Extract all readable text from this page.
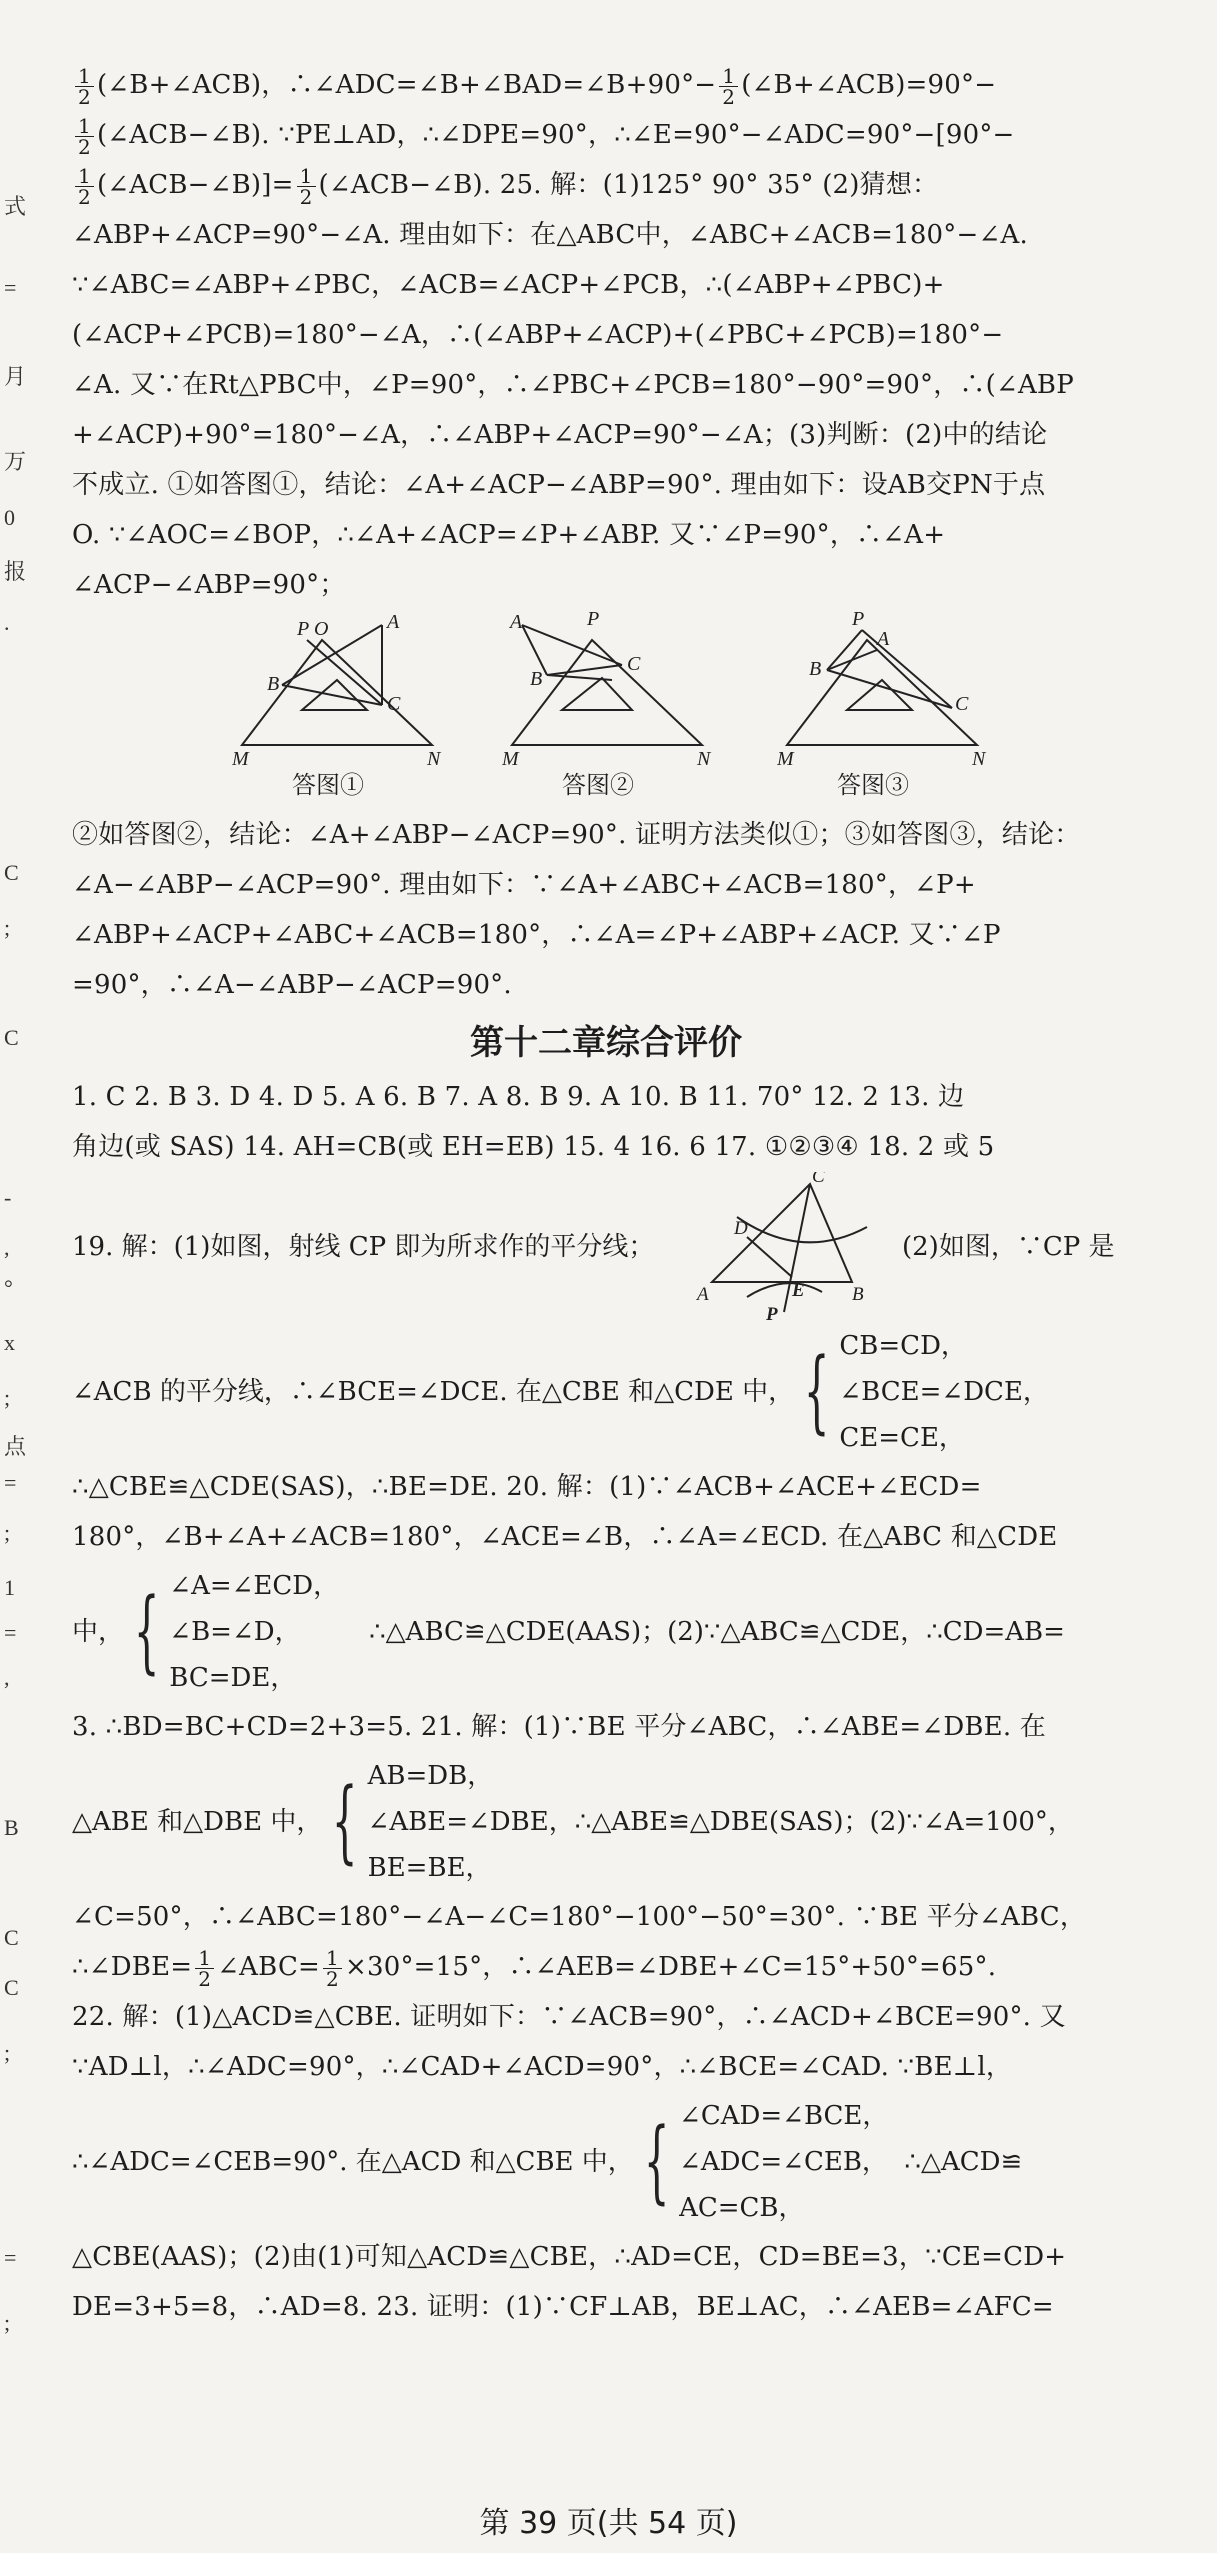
式
=
月
万
0
报
.
C
;
C
-
,
°
x
;
点
=
;
1
=
,
B
C
C
;
=
;
$\frac{1}{2}$ (∠B+∠ACB)，∴∠ADC=∠B+∠BAD=∠B+90°− $\frac{1}{2}$ (∠B+∠ACB)=90°−
$\frac{1}{2}$ (∠ACB−∠B). ∵PE⊥AD，∴∠DPE=90°，∴∠E=90°−∠ADC=90°−[90°−
$\frac{1}{2}$ (∠ACB−∠B)]= $\frac{1}{2}$ (∠ACB−∠B). 25. 解：(1)125° 90° 35° (2)猜想：
∠ABP+∠ACP=90°−∠A. 理由如下：在△ABC中，∠ABC+∠ACB=180°−∠A.
∵∠ABC=∠ABP+∠PBC，∠ACB=∠ACP+∠PCB，∴(∠ABP+∠PBC)+
(∠ACP+∠PCB)=180°−∠A，∴(∠ABP+∠ACP)+(∠PBC+∠PCB)=180°−
∠A. 又∵在Rt△PBC中，∠P=90°，∴∠PBC+∠PCB=180°−90°=90°，∴(∠ABP
+∠ACP)+90°=180°−∠A，∴∠ABP+∠ACP=90°−∠A；(3)判断：(2)中的结论
不成立. ①如答图①，结论：∠A+∠ACP−∠ABP=90°. 理由如下：设AB交PN于点
O. ∵∠AOC=∠BOP，∴∠A+∠ACP=∠P+∠ABP. 又∵∠P=90°，∴∠A+
∠ACP−∠ABP=90°；
P O	A
B
C
M	N
答图①
A	P
B
C
M	N
答图②
P
A
B
C
M	N
答图③
②如答图②，结论：∠A+∠ABP−∠ACP=90°. 证明方法类似①；③如答图③，结论：
∠A−∠ABP−∠ACP=90°. 理由如下：∵∠A+∠ABC+∠ACB=180°，∠P+
∠ABP+∠ACP+∠ABC+∠ACB=180°，∴∠A=∠P+∠ABP+∠ACP. 又∵∠P
=90°，∴∠A−∠ABP−∠ACP=90°.
第十二章综合评价
1. C 2. B 3. D 4. D 5. A 6. B 7. A 8. B 9. A 10. B 11. 70° 12. 2 13. 边
角边(或 SAS) 14. AH=CB(或 EH=EB) 15. 4 16. 6 17. ①②③④ 18. 2 或 5
19. 解：(1)如图，射线 CP 即为所求作的平分线；
C
D
A	E B
P
(2)如图，∵CP 是
∠ACB 的平分线，∴∠BCE=∠DCE. 在△CBE 和△CDE 中， { CB=CD，
∠BCE=∠DCE，
CE=CE，
∴△CBE≌△CDE(SAS)，∴BE=DE. 20. 解：(1)∵∠ACB+∠ACE+∠ECD=
180°，∠B+∠A+∠ACB=180°，∠ACE=∠B，∴∠A=∠ECD. 在△ABC 和△CDE
中， { ∠A=∠ECD，
∠B=∠D，
BC=DE，
∴△ABC≌△CDE(AAS)；(2)∵△ABC≌△CDE，∴CD=AB=
3. ∴BD=BC+CD=2+3=5. 21. 解：(1)∵BE 平分∠ABC，∴∠ABE=∠DBE. 在
△ABE 和△DBE 中， { AB=DB，
∠ABE=∠DBE，
BE=BE，
∴△ABE≌△DBE(SAS)；(2)∵∠A=100°，
∠C=50°，∴∠ABC=180°−∠A−∠C=180°−100°−50°=30°. ∵BE 平分∠ABC，
∴∠DBE= $\frac{1}{2}$ ∠ABC= $\frac{1}{2} \times 30^\circ=15^\circ$，∴∠AEB=∠DBE+∠C=15°+50°=65°.
22. 解：(1)△ACD≌△CBE. 证明如下：∵∠ACB=90°，∴∠ACD+∠BCE=90°. 又
∵AD⊥l，∴∠ADC=90°，∴∠CAD+∠ACD=90°，∴∠BCE=∠CAD. ∵BE⊥l，
∴∠ADC=∠CEB=90°. 在△ACD 和△CBE 中， { ∠CAD=∠BCE，
∠ADC=∠CEB，
AC=CB，
∴△ACD≌
△CBE(AAS)；(2)由(1)可知△ACD≌△CBE，∴AD=CE，CD=BE=3，∵CE=CD+
DE=3+5=8，∴AD=8. 23. 证明：(1)∵CF⊥AB，BE⊥AC，∴∠AEB=∠AFC=
第 39 页(共 54 页)
